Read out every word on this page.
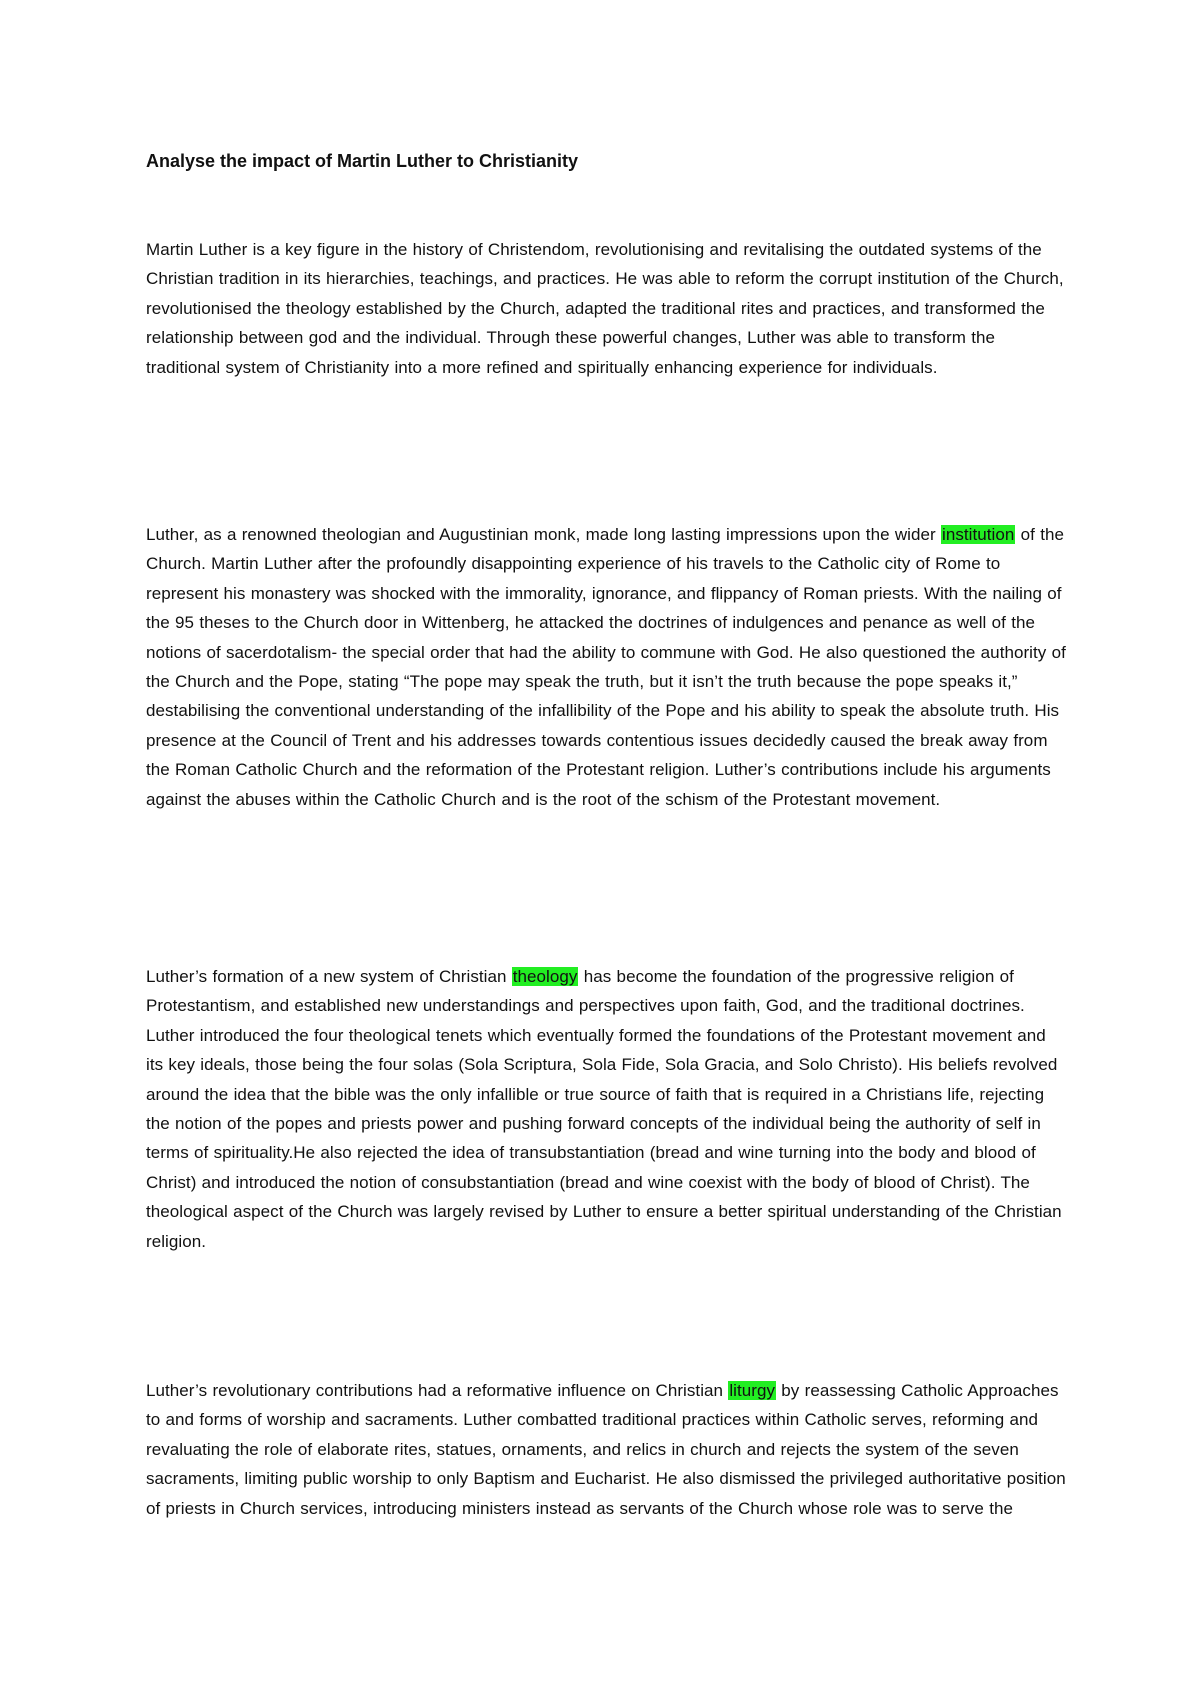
Analyse the impact of Martin Luther to Christianity

Martin Luther is a key figure in the history of Christendom, revolutionising and revitalising the outdated systems of the Christian tradition in its hierarchies, teachings, and practices. He was able to reform the corrupt institution of the Church, revolutionised the theology established by the Church, adapted the traditional rites and practices, and transformed the relationship between god and the individual. Through these powerful changes, Luther was able to transform the traditional system of Christianity into a more refined and spiritually enhancing experience for individuals.

Luther, as a renowned theologian and Augustinian monk, made long lasting impressions upon the wider institution of the Church. Martin Luther after the profoundly disappointing experience of his travels to the Catholic city of Rome to represent his monastery was shocked with the immorality, ignorance, and flippancy of Roman priests. With the nailing of the 95 theses to the Church door in Wittenberg, he attacked the doctrines of indulgences and penance as well of the notions of sacerdotalism- the special order that had the ability to commune with God. He also questioned the authority of the Church and the Pope, stating “The pope may speak the truth, but it isn’t the truth because the pope speaks it,” destabilising the conventional understanding of the infallibility of the Pope and his ability to speak the absolute truth. His presence at the Council of Trent and his addresses towards contentious issues decidedly caused the break away from the Roman Catholic Church and the reformation of the Protestant religion. Luther’s contributions include his arguments against the abuses within the Catholic Church and is the root of the schism of the Protestant movement.

Luther’s formation of a new system of Christian theology has become the foundation of the progressive religion of Protestantism, and established new understandings and perspectives upon faith, God, and the traditional doctrines. Luther introduced the four theological tenets which eventually formed the foundations of the Protestant movement and its key ideals, those being the four solas (Sola Scriptura, Sola Fide, Sola Gracia, and Solo Christo). His beliefs revolved around the idea that the bible was the only infallible or true source of faith that is required in a Christians life, rejecting the notion of the popes and priests power and pushing forward concepts of the individual being the authority of self in terms of spirituality.He also rejected the idea of transubstantiation (bread and wine turning into the body and blood of Christ) and introduced the notion of consubstantiation (bread and wine coexist with the body of blood of Christ). The theological aspect of the Church was largely revised by Luther to ensure a better spiritual understanding of the Christian religion.

Luther’s revolutionary contributions had a reformative influence on Christian liturgy by reassessing Catholic Approaches to and forms of worship and sacraments. Luther combatted traditional practices within Catholic serves, reforming and revaluating the role of elaborate rites, statues, ornaments, and relics in church and rejects the system of the seven sacraments, limiting public worship to only Baptism and Eucharist. He also dismissed the privileged authoritative position of priests in Church services, introducing ministers instead as servants of the Church whose role was to serve the
